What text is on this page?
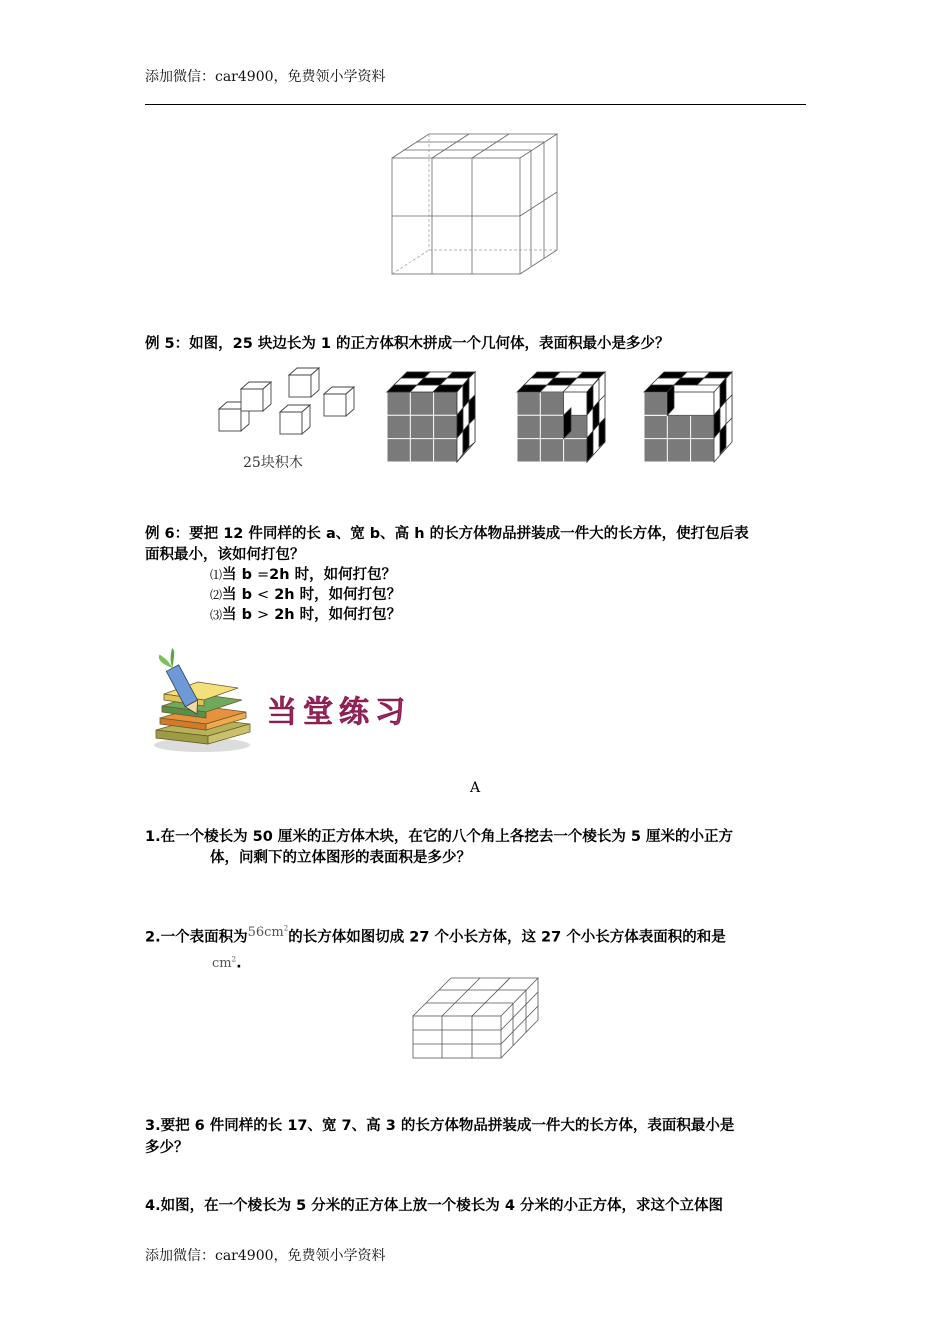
添加微信：car4900，免费领小学资料
例 5：如图，25 块边长为 1 的正方体积木拼成一个几何体，表面积最小是多少？
25块积木
例 6：要把 12 件同样的长 a、宽 b、高 h 的长方体物品拼装成一件大的长方体，使打包后表
面积最小，该如何打包？
⑴当 b =2h 时，如何打包？
⑵当 b < 2h 时，如何打包？
⑶当 b > 2h 时，如何打包？
当堂练习
A
1.在一个棱长为 50 厘米的正方体木块，在它的八个角上各挖去一个棱长为 5 厘米的小正方
体，问剩下的立体图形的表面积是多少？
2.一个表面积为$56cm^2$的长方体如图切成 27 个小长方体，这 27 个小长方体表面积的和是
$cm^2$.
3.要把 6 件同样的长 17、宽 7、高 3 的长方体物品拼装成一件大的长方体，表面积最小是
多少？
4.如图，在一个棱长为 5 分米的正方体上放一个棱长为 4 分米的小正方体，求这个立体图
添加微信：car4900，免费领小学资料
